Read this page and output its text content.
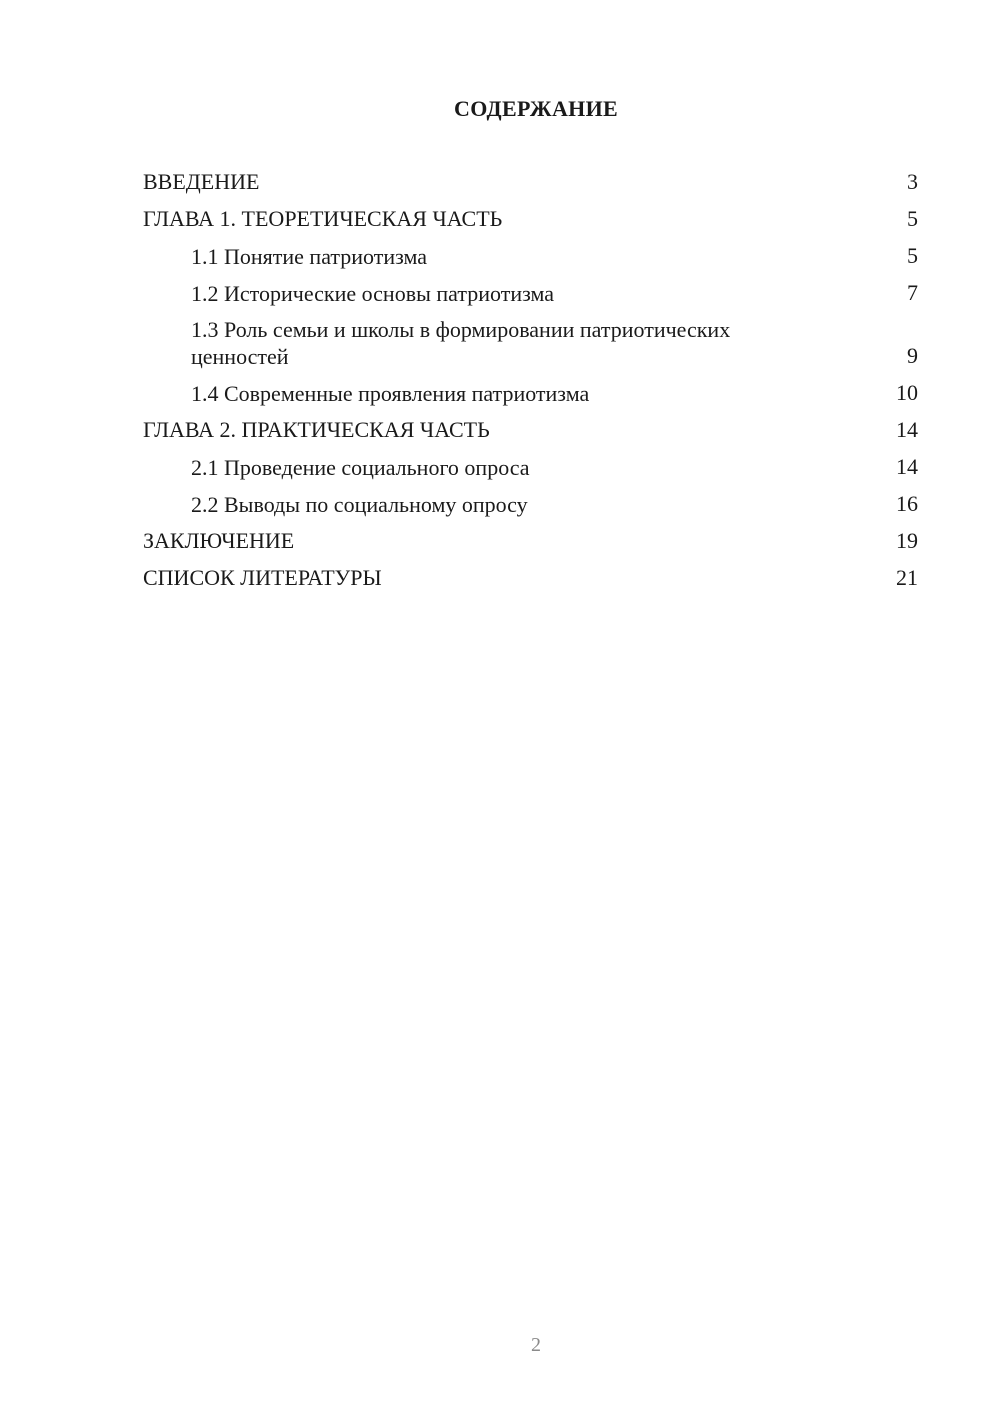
СОДЕРЖАНИЕ
ВВЕДЕНИЕ	3
ГЛАВА 1. ТЕОРЕТИЧЕСКАЯ ЧАСТЬ	5
1.1 Понятие патриотизма	5
1.2 Исторические основы патриотизма	7
1.3 Роль семьи и школы в формировании патриотических ценностей	9
1.4 Современные проявления патриотизма	10
ГЛАВА 2. ПРАКТИЧЕСКАЯ ЧАСТЬ	14
2.1 Проведение социального опроса	14
2.2 Выводы по социальному опросу	16
ЗАКЛЮЧЕНИЕ	19
СПИСОК ЛИТЕРАТУРЫ	21
2
